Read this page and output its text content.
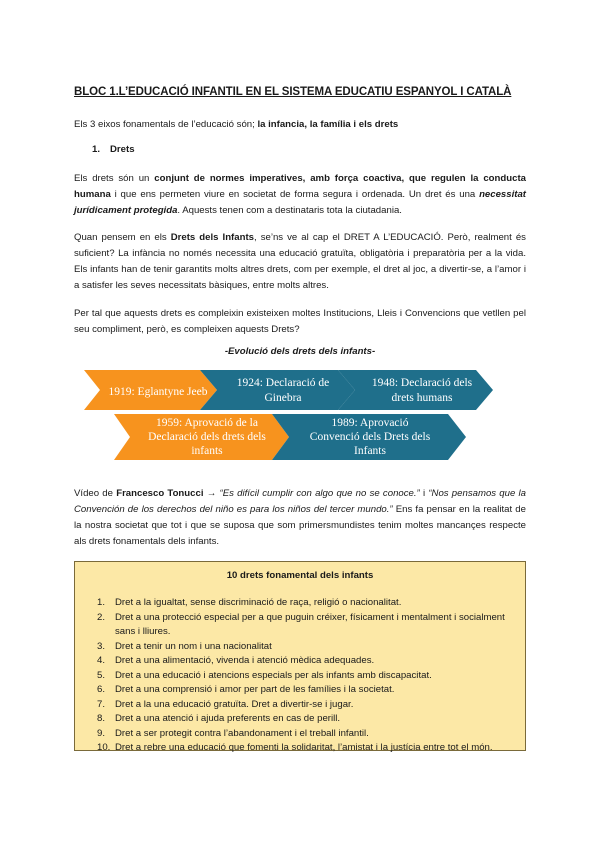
BLOC 1.L’EDUCACIÓ INFANTIL EN EL SISTEMA EDUCATIU ESPANYOL I CATALÀ
Els 3 eixos fonamentals de l’educació són; la infancia, la família i els drets
1. Drets
Els drets són un conjunt de normes imperatives, amb força coactiva, que regulen la conducta humana i que ens permeten viure en societat de forma segura i ordenada. Un dret és una necessitat jurídicament protegida. Aquests tenen com a destinataris tota la ciutadania.
Quan pensem en els Drets dels Infants, se’ns ve al cap el DRET A L’EDUCACIÓ. Però, realment és suficient? La infància no només necessita una educació gratuïta, obligatòria i preparatòria per a la vida. Els infants han de tenir garantits molts altres drets, com per exemple, el dret al joc, a divertir-se, a l’amor i a satisfer les seves necessitats bàsiques, entre molts altres.
Per tal que aquests drets es compleixin existeixen moltes Institucions, Lleis i Convencions que vetllen pel seu compliment, però, es compleixen aquests Drets?
-Evolució dels drets dels infants-
1919: Eglantyne Jeeb
1924: Declaració de
Ginebra
1948: Declaració dels
drets humans
1959: Aprovació de la
Declaració dels drets dels
infants
1989: Aprovació
Convenció dels Drets dels
Infants
Vídeo de Francesco Tonucci → “Es difícil cumplir con algo que no se conoce.” i “Nos pensamos que la Convención de los derechos del niño es para los niños del tercer mundo.” Ens fa pensar en la realitat de la nostra societat que tot i que se suposa que som primersmundistes tenim moltes mancançes respecte als drets fonamentals dels infants.
10 drets fonamental dels infants
1. Dret a la igualtat, sense discriminació de raça, religió o nacionalitat.
2. Dret a una protecció especial per a que puguin créixer, físicament i mentalment i socialment sans i lliures.
3. Dret a tenir un nom i una nacionalitat
4. Dret a una alimentació, vivenda i atenció mèdica adequades.
5. Dret a una educació i atencions especials per als infants amb discapacitat.
6. Dret a una comprensió i amor per part de les famílies i la societat.
7. Dret a la una educació gratuïta. Dret a divertir-se i jugar.
8. Dret a una atenció i ajuda preferents en cas de perill.
9. Dret a ser protegit contra l’abandonament i el treball infantil.
10. Dret a rebre una educació que fomenti la solidaritat, l’amistat i la justícia entre tot el món.
